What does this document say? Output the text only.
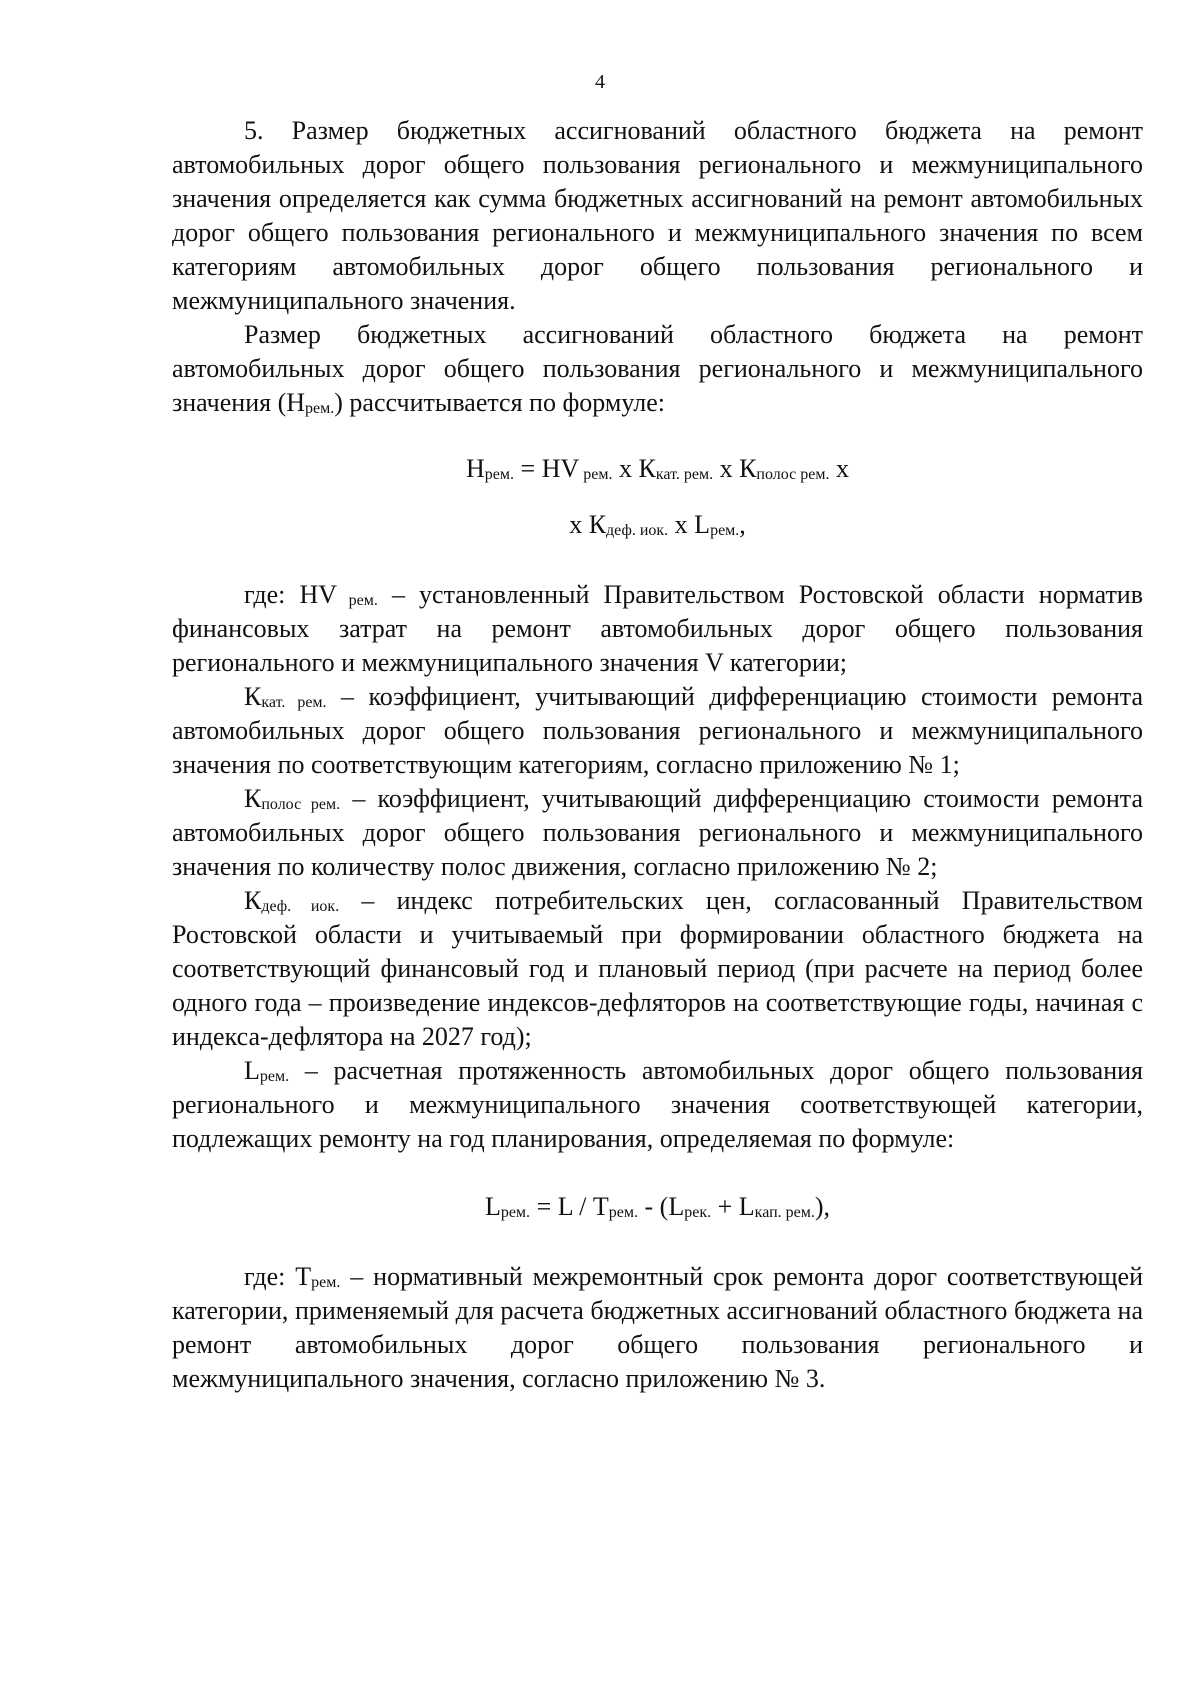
4

5. Размер бюджетных ассигнований областного бюджета на ремонт автомобильных дорог общего пользования регионального и межмуниципального значения определяется как сумма бюджетных ассигнований на ремонт автомобильных дорог общего пользования регионального и межмуниципального значения по всем категориям автомобильных дорог общего пользования регионального и межмуниципального значения.

Размер бюджетных ассигнований областного бюджета на ремонт автомобильных дорог общего пользования регионального и межмуниципального значения $(Н_{рем.})$ рассчитывается по формуле:

$Н_{рем.}$ = НV $_{рем.}$ х $К_{кат. рем.}$ х $К_{полос рем.}$ х

х $К_{деф. иок.}$ х $L_{рем.}$,

где: НV $_{рем.}$ – установленный Правительством Ростовской области норматив финансовых затрат на ремонт автомобильных дорог общего пользования регионального и межмуниципального значения V категории;

$К_{кат. рем.}$ – коэффициент, учитывающий дифференциацию стоимости ремонта автомобильных дорог общего пользования регионального и межмуниципального значения по соответствующим категориям, согласно приложению № 1;

$К_{полос рем.}$ – коэффициент, учитывающий дифференциацию стоимости ремонта автомобильных дорог общего пользования регионального и межмуниципального значения по количеству полос движения, согласно приложению № 2;

$К_{деф. иок.}$ – индекс потребительских цен, согласованный Правительством Ростовской области и учитываемый при формировании областного бюджета на соответствующий финансовый год и плановый период (при расчете на период более одного года – произведение индексов-дефляторов на соответствующие годы, начиная с индекса-дефлятора на 2027 год);

$L_{рем.}$ – расчетная протяженность автомобильных дорог общего пользования регионального и межмуниципального значения соответствующей категории, подлежащих ремонту на год планирования, определяемая по формуле:

$L_{рем.} = L / Т_{рем.} - (L_{рек.} + L_{кап. рем.})$,

где: $Т_{рем.}$ – нормативный межремонтный срок ремонта дорог соответствующей категории, применяемый для расчета бюджетных ассигнований областного бюджета на ремонт автомобильных дорог общего пользования регионального и межмуниципального значения, согласно приложению № 3.
